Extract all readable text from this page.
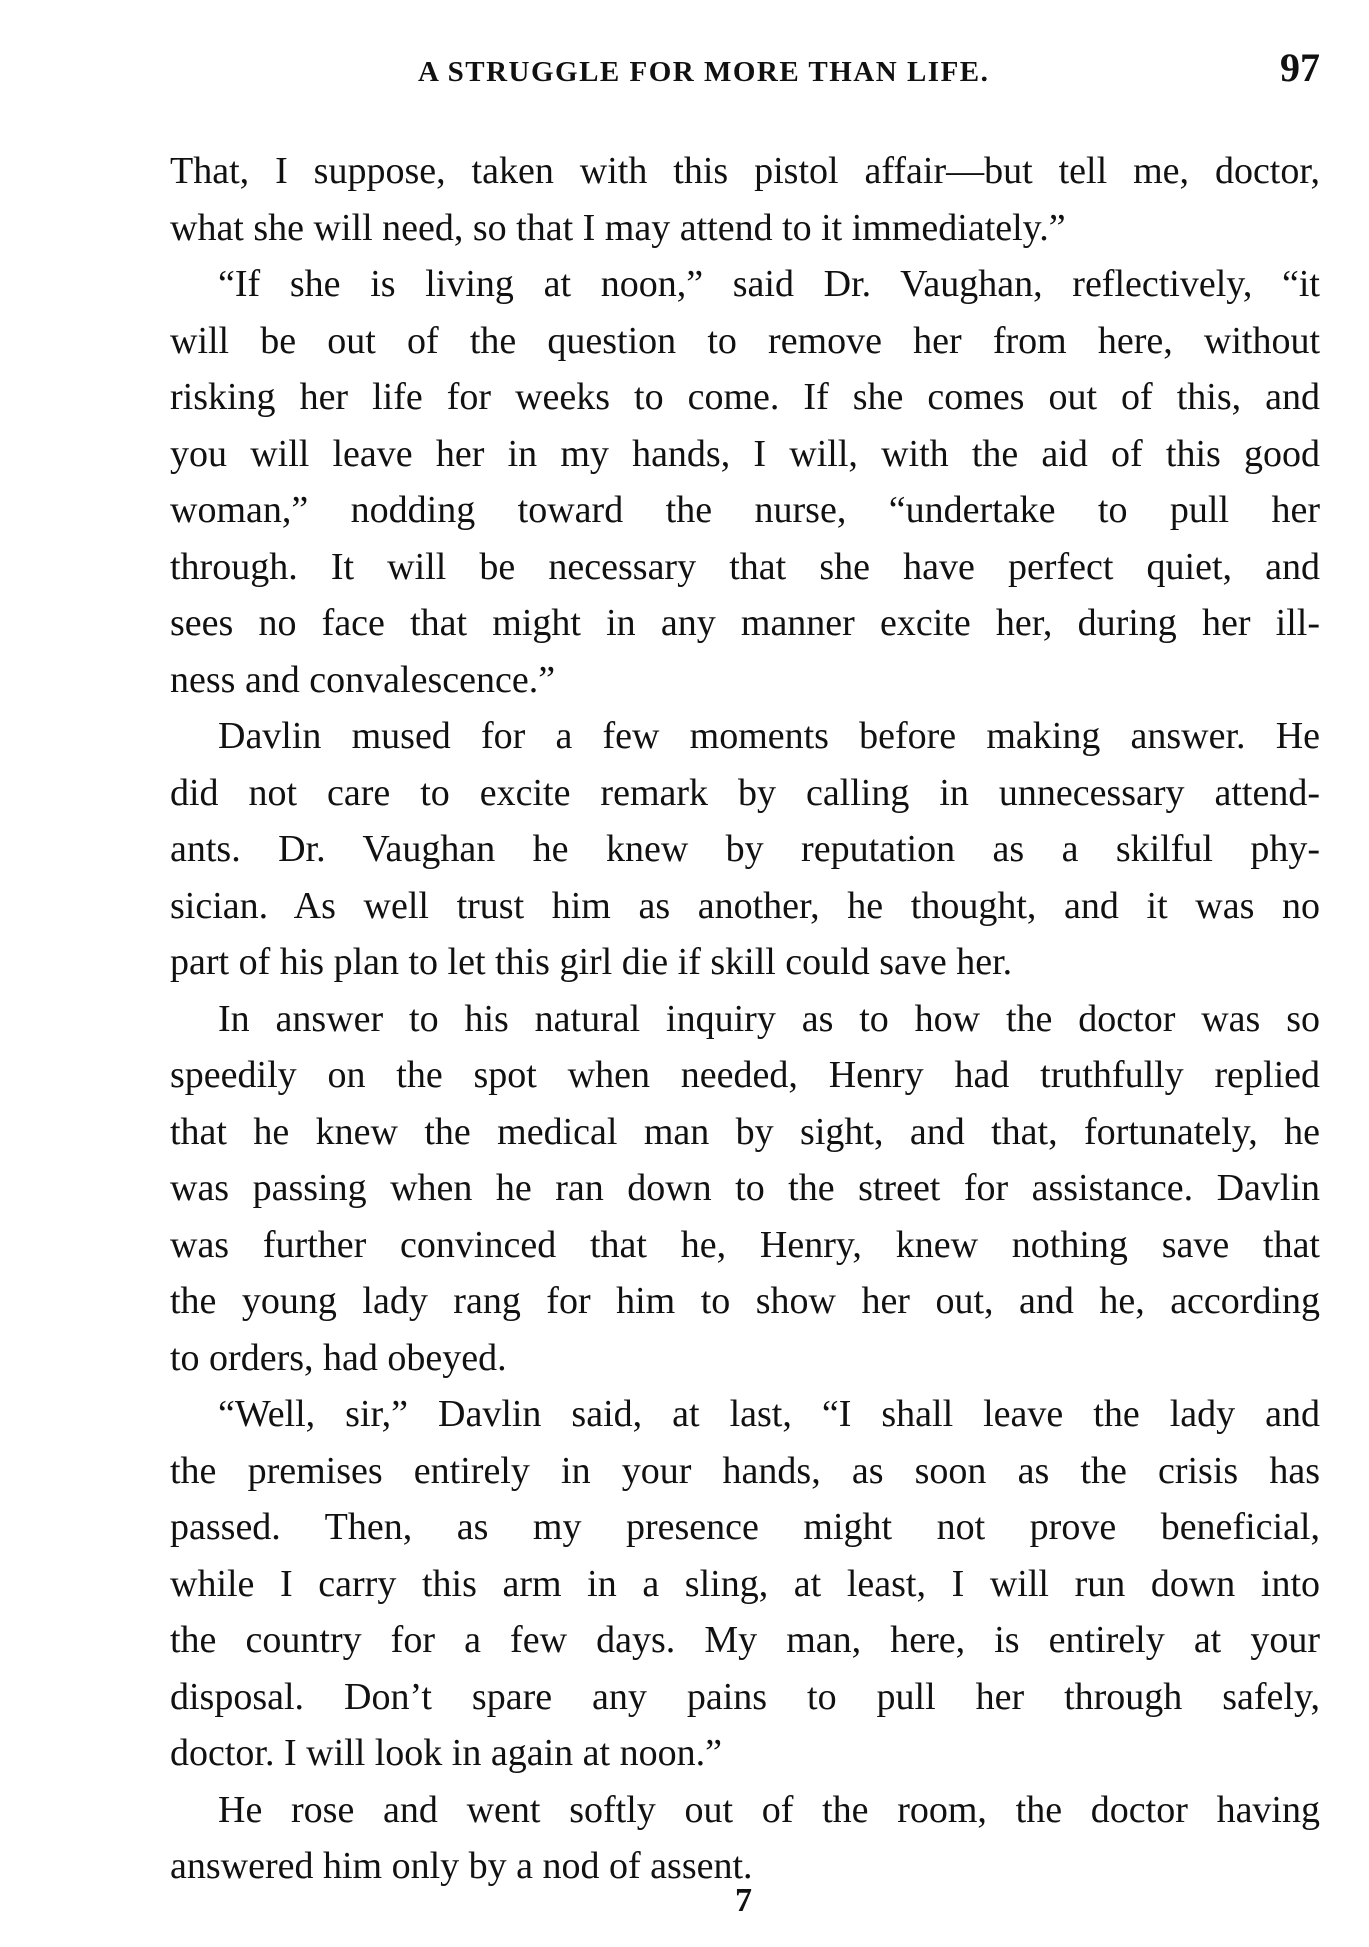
A STRUGGLE FOR MORE THAN LIFE.	97
That, I suppose, taken with this pistol affair—but tell me, doctor,
what she will need, so that I may attend to it immediately.”
“If she is living at noon,” said Dr. Vaughan, reflectively, “it
will be out of the question to remove her from here, without
risking her life for weeks to come. If she comes out of this, and
you will leave her in my hands, I will, with the aid of this good
woman,” nodding toward the nurse, “undertake to pull her
through. It will be necessary that she have perfect quiet, and
sees no face that might in any manner excite her, during her ill-
ness and convalescence.”
Davlin mused for a few moments before making answer. He
did not care to excite remark by calling in unnecessary attend-
ants. Dr. Vaughan he knew by reputation as a skilful phy-
sician. As well trust him as another, he thought, and it was no
part of his plan to let this girl die if skill could save her.
In answer to his natural inquiry as to how the doctor was so
speedily on the spot when needed, Henry had truthfully replied
that he knew the medical man by sight, and that, fortunately, he
was passing when he ran down to the street for assistance. Davlin
was further convinced that he, Henry, knew nothing save that
the young lady rang for him to show her out, and he, according
to orders, had obeyed.
“Well, sir,” Davlin said, at last, “I shall leave the lady and
the premises entirely in your hands, as soon as the crisis has
passed. Then, as my presence might not prove beneficial,
while I carry this arm in a sling, at least, I will run down into
the country for a few days. My man, here, is entirely at your
disposal. Don’t spare any pains to pull her through safely,
doctor. I will look in again at noon.”
He rose and went softly out of the room, the doctor having
answered him only by a nod of assent.
7
